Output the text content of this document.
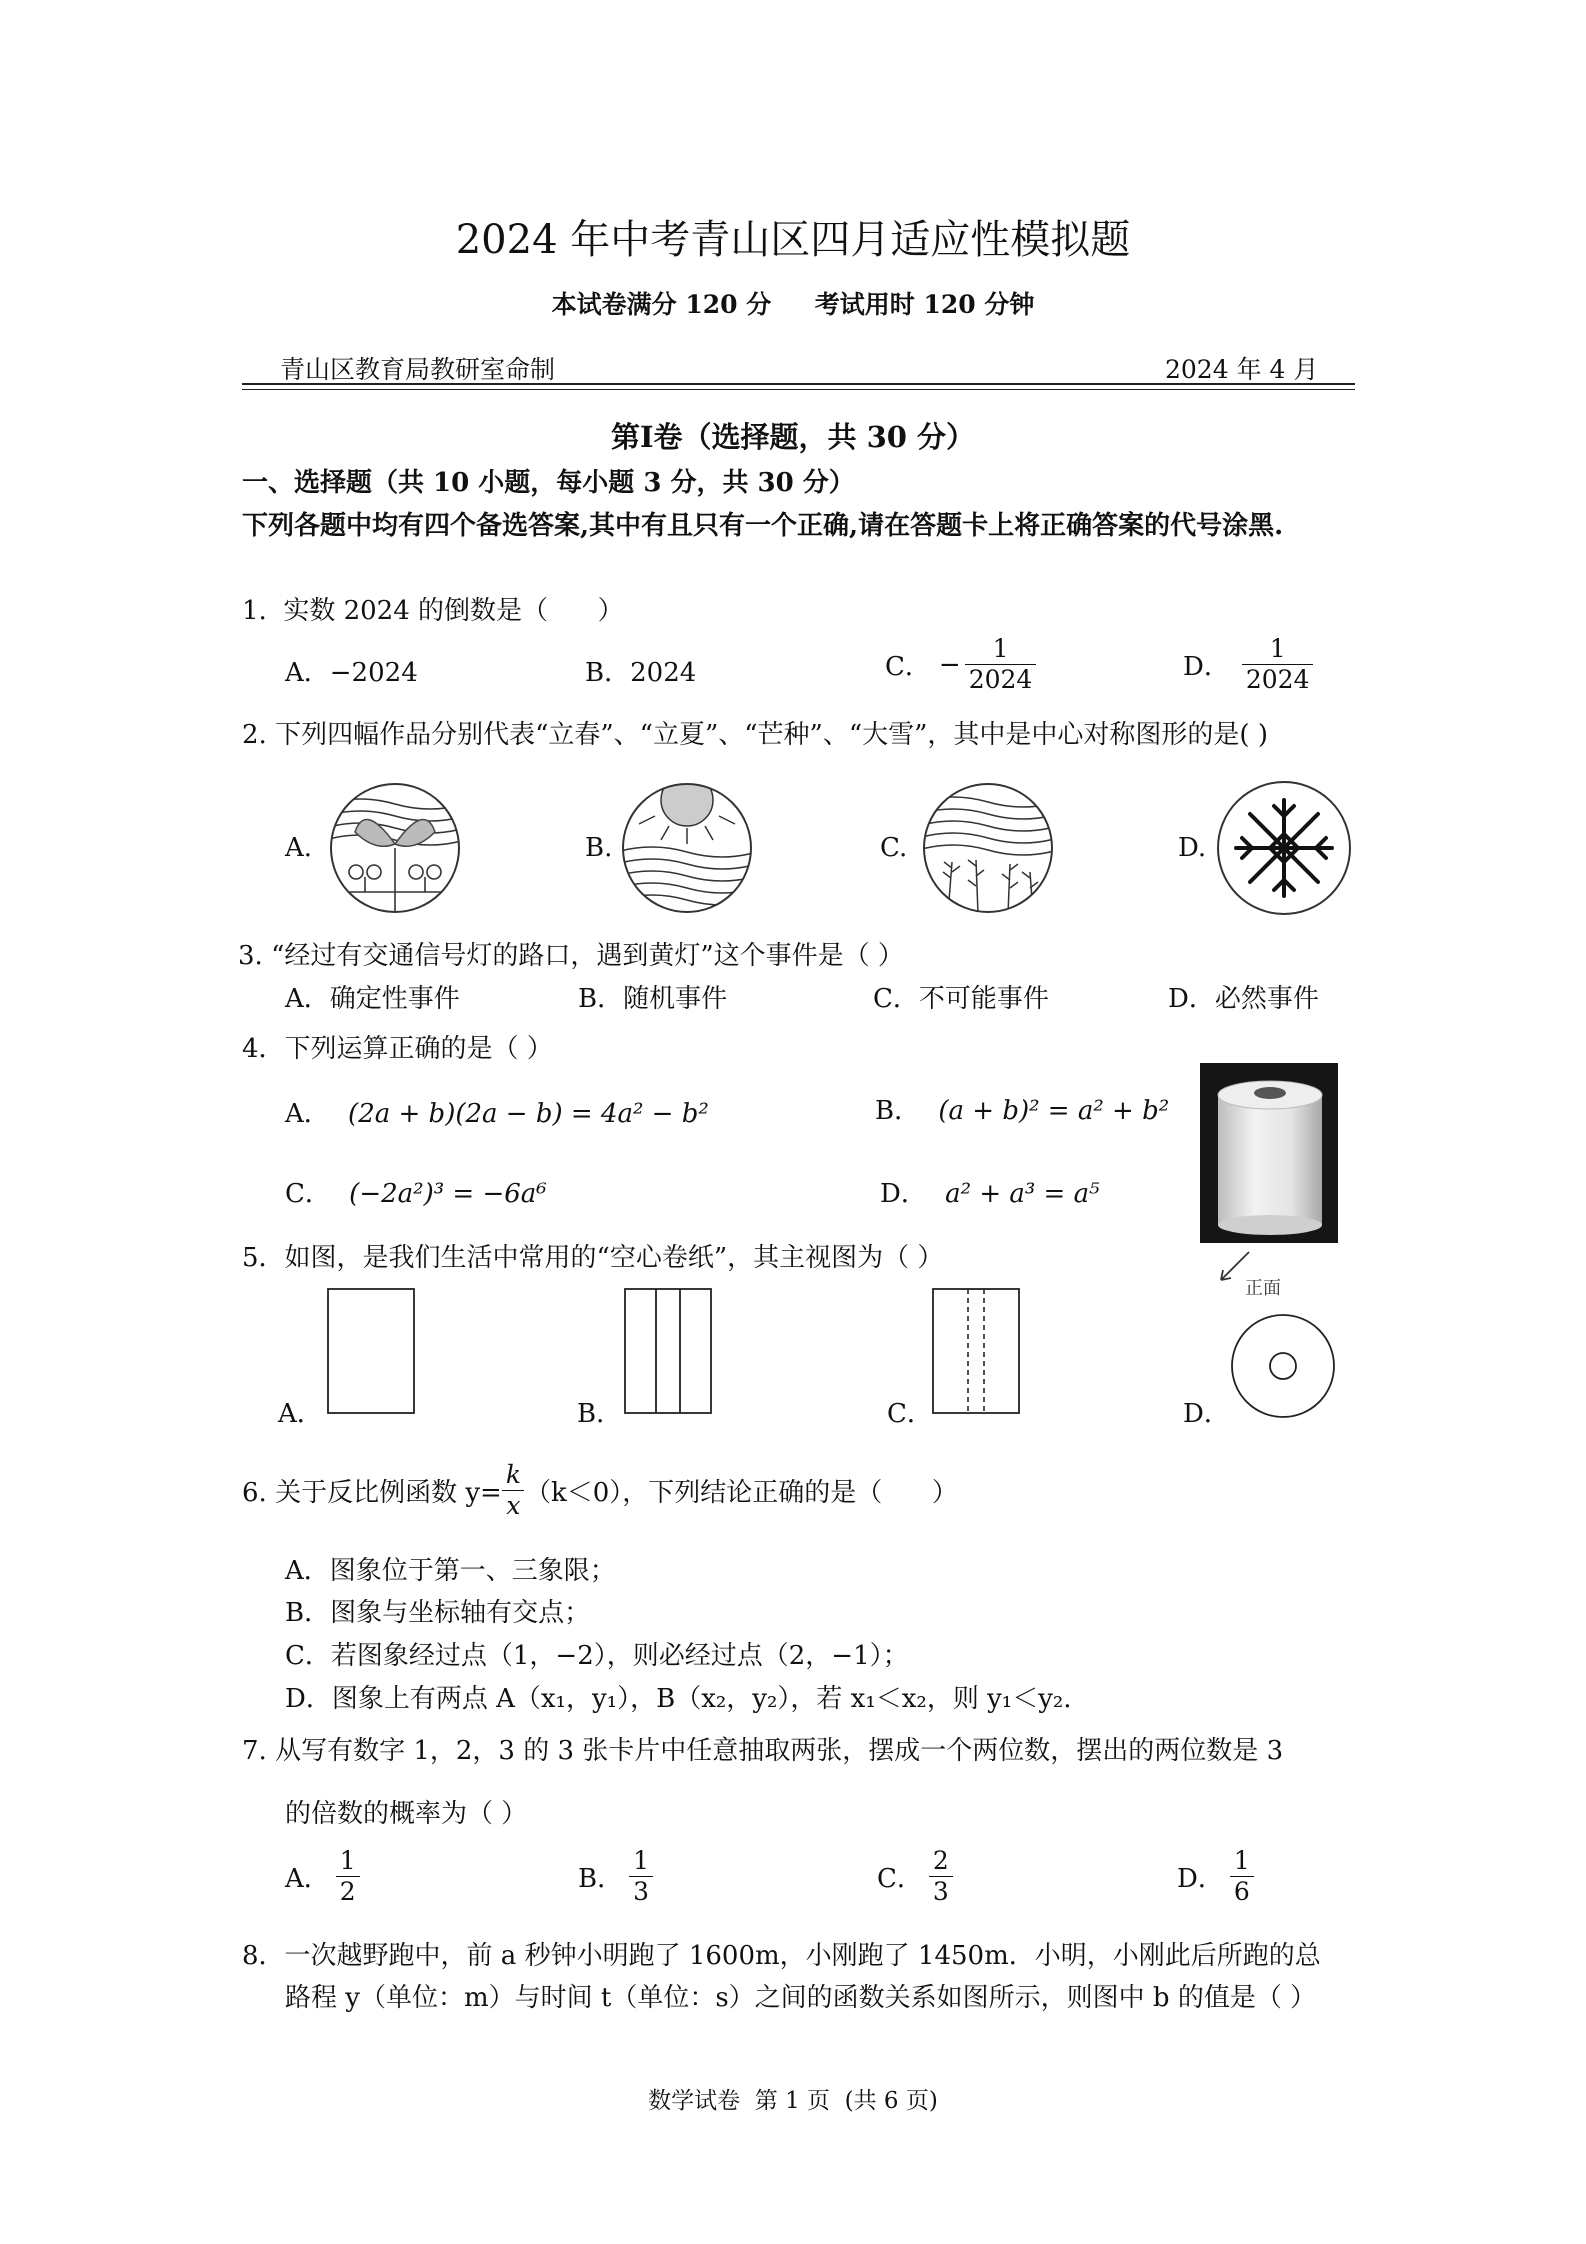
2024 年中考青山区四月适应性模拟题
本试卷满分 120 分     考试用时 120 分钟
青山区教育局教研室命制	2024 年 4 月
第Ⅰ卷（选择题，共 30 分）
一、选择题（共 10 小题，每小题 3 分，共 30 分）
下列各题中均有四个备选答案,其中有且只有一个正确,请在答题卡上将正确答案的代号涂黑.
1.  实数 2024 的倒数是（      ）
A．−2024	B．2024	C． − $\frac{1}{2024}$	D． $\frac{1}{2024}$
2. 下列四幅作品分别代表“立春”、“立夏”、“芒种”、“大雪”，其中是中心对称图形的是( )
A.	B.	C.	D.
3. “经过有交通信号灯的路口，遇到黄灯”这个事件是（ ）
A．确定性事件	B．随机事件	C．不可能事件	D．必然事件
4．下列运算正确的是（ ）
A． (2a + b)(2a − b) = 4a² − b²	B． (a + b)² = a² + b²
C． (−2a²)³ = −6a⁶	D． a² + a³ = a⁵
正面
5．如图，是我们生活中常用的“空心卷纸”，其主视图为（ ）
A．	B．	C．	D．
6. 关于反比例函数 $y= \frac{k}{x} (k<0)$，下列结论正确的是（      ）
A．图象位于第一、三象限；
B．图象与坐标轴有交点；
C．若图象经过点（1，−2），则必经过点（2，−1）；
D．图象上有两点 A（x₁，y₁），B（x₂，y₂），若 x₁＜x₂，则 y₁＜y₂.
7. 从写有数字 1，2，3 的 3 张卡片中任意抽取两张，摆成一个两位数，摆出的两位数是 3
的倍数的概率为（ ）
A． $\frac{1}{2}$	B． $\frac{1}{3}$	C． $\frac{2}{3}$	D． $\frac{1}{6}$
8．一次越野跑中，前 a 秒钟小明跑了 1600m，小刚跑了 1450m．小明，小刚此后所跑的总
路程 y（单位：m）与时间 t（单位：s）之间的函数关系如图所示，则图中 b 的值是（ ）
数学试卷  第 1 页  (共 6 页)
